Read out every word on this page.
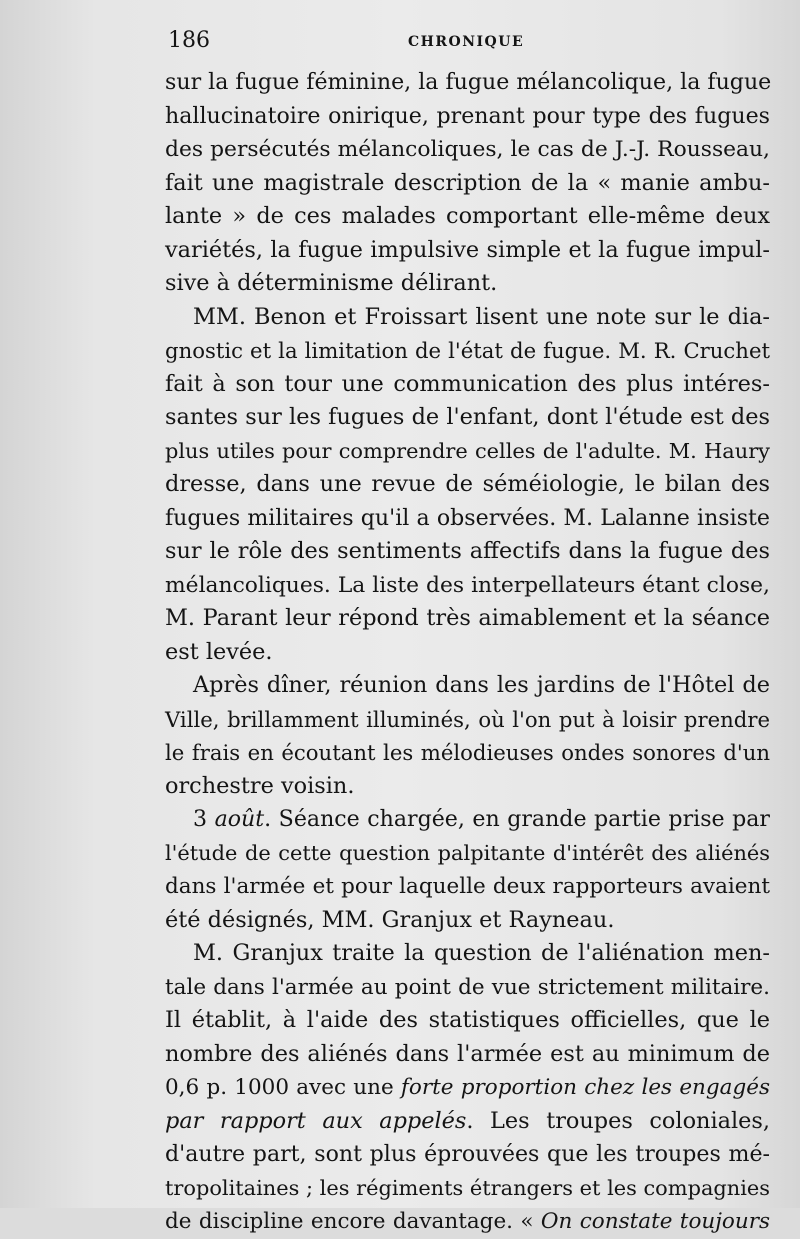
186	CHRONIQUE
sur la fugue féminine, la fugue mélancolique, la fugue
hallucinatoire onirique, prenant pour type des fugues
des persécutés mélancoliques, le cas de J.-J. Rousseau,
fait une magistrale description de la « manie ambu-
lante » de ces malades comportant elle-même deux
variétés, la fugue impulsive simple et la fugue impul-
sive à déterminisme délirant.
MM. Benon et Froissart lisent une note sur le dia-
gnostic et la limitation de l'état de fugue. M. R. Cruchet
fait à son tour une communication des plus intéres-
santes sur les fugues de l'enfant, dont l'étude est des
plus utiles pour comprendre celles de l'adulte. M. Haury
dresse, dans une revue de séméiologie, le bilan des
fugues militaires qu'il a observées. M. Lalanne insiste
sur le rôle des sentiments affectifs dans la fugue des
mélancoliques. La liste des interpellateurs étant close,
M. Parant leur répond très aimablement et la séance
est levée.
Après dîner, réunion dans les jardins de l'Hôtel de
Ville, brillamment illuminés, où l'on put à loisir prendre
le frais en écoutant les mélodieuses ondes sonores d'un
orchestre voisin.
3 août. Séance chargée, en grande partie prise par
l'étude de cette question palpitante d'intérêt des aliénés
dans l'armée et pour laquelle deux rapporteurs avaient
été désignés, MM. Granjux et Rayneau.
M. Granjux traite la question de l'aliénation men-
tale dans l'armée au point de vue strictement militaire.
Il établit, à l'aide des statistiques officielles, que le
nombre des aliénés dans l'armée est au minimum de
0,6 p. 1000 avec une forte proportion chez les engagés
par rapport aux appelés. Les troupes coloniales,
d'autre part, sont plus éprouvées que les troupes mé-
tropolitaines ; les régiments étrangers et les compagnies
de discipline encore davantage. « On constate toujours
